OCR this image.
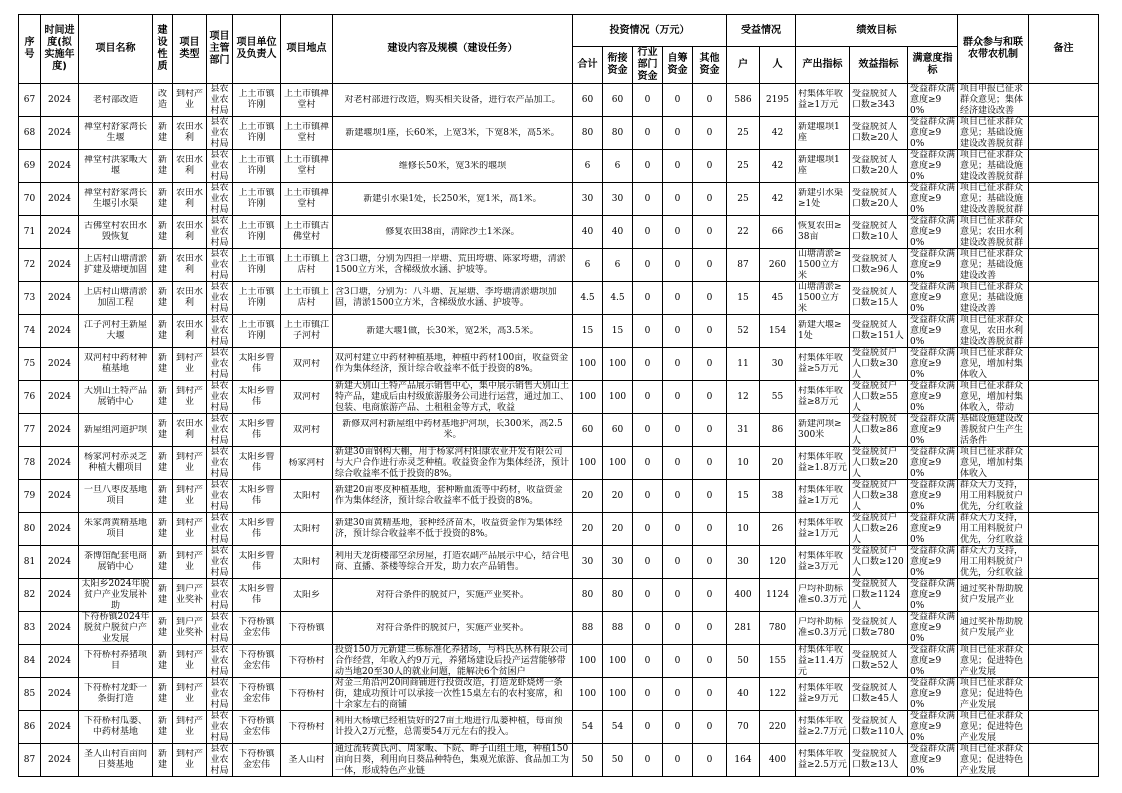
序号	时间进度(拟实施年度)	项目名称	建设性质	项目类型	项目主管部门	项目单位及负责人	项目地点	建设内容及规模（建设任务）	投资情况（万元）					受益情况		绩效目标			群众参与和联农带农机制	备注
									合计	衔接资金	行业部门资金	自筹资金	其他资金	户	人	产出指标	效益指标	满意度指标		

67	2024	老村部改造	改造	到村产业	县农业农村局	上土市镇许刚	上土市镇禅堂村	对老村部进行改造，购买相关设备，进行农产品加工。	60	60	0	0	0	586	2195	村集体年收益≥1万元	受益脱贫人口数≥343	受益群众满意度≥90%	项目申报已征求群众意见；集体经济建设改善	

68	2024	禅堂村舒家湾长生堰	新建	农田水利	县农业农村局	上土市镇许刚	上土市镇禅堂村	新建堰坝1座，长60米，上宽3米，下宽8米，高5米。	80	80	0	0	0	25	42	新建堰坝1座	受益脱贫人口数≥20人	受益群众满意度≥90%	项目已征求群众意见；基础设施建设改善脱贫群	

69	2024	禅堂村洪家畈大堰	新建	农田水利	县农业农村局	上土市镇许刚	上土市镇禅堂村	维修长50米，宽3米的堰坝	6	6	0	0	0	25	42	新建堰坝1座	受益脱贫人口数≥20人	受益群众满意度≥90%	项目已征求群众意见；基础设施建设改善脱贫群	

70	2024	禅堂村舒家湾长生堰引水渠	新建	农田水利	县农业农村局	上土市镇许刚	上土市镇禅堂村	新建引水渠1处，长250米，宽1米，高1米。	30	30	0	0	0	25	42	新建引水渠≥1处	受益脱贫人口数≥20人	受益群众满意度≥90%	项目已征求群众意见；基础设施建设改善脱贫群	

71	2024	古佛堂村农田水毁恢复	新建	农田水利	县农业农村局	上土市镇许刚	上土市镇古佛堂村	修复农田38亩，清除沙土1米深。	40	40	0	0	0	22	66	恢复农田≥38亩	受益脱贫人口数≥10人	受益群众满意度≥90%	项目已征求群众意见；农田水利建设改善脱贫群	

72	2024	上店村山塘清淤扩建及塘埂加固	新建	农田水利	县农业农村局	上土市镇许刚	上土市镇上店村	含3口塘，分别为四担一岸塘、荒田垮塘、陈家垮塘，清淤1500立方米，含梯级放水涵、护坡等。	6	6	0	0	0	87	260	山塘清淤≥1500立方米	受益脱贫人口数≥96人	受益群众满意度≥90%	项目已征求群众意见；基础设施建设改善	

73	2024	上店村山塘清淤加固工程	新建	农田水利	县农业农村局	上土市镇许刚	上土市镇上店村	含3口塘，分别为：八斗塘、瓦屋塘、李垮塘清淤塘坝加固，清淤1500立方米，含梯级放水涵、护坡等。	4.5	4.5	0	0	0	15	45	山塘清淤≥1500立方米	受益脱贫人口数≥15人	受益群众满意度≥90%	项目已征求群众意见；基础设施建设改善	

74	2024	江子河村王新屋大堰	新建	农田水利	县农业农村局	上土市镇许刚	上土市镇江子河村	新建大堰1做，长30米，宽2米，高3.5米。	15	15	0	0	0	52	154	新建大堰≥1处	受益脱贫人口数≥151人	受益群众满意度≥90%	项目已征求群众意见，农田水利建设改善脱贫群	

75	2024	双河村中药材种植基地	新建	到村产业	县农业农村局	太阳乡曾伟	双河村	双河村建立中药材种植基地，种植中药材100亩，收益资金作为集体经济，预计综合收益率不低于投资的8%。	100	100	0	0	0	11	30	村集体年收益≥5万元	受益脱贫户人口数≥30人	受益群众满意度≥90%	项目已征求群众意见，增加村集体收入	

76	2024	大别山土特产品展销中心	新建	到村产业	县农业农村局	太阳乡曾伟	双河村	新建大别山土特产品展示销售中心，集中展示销售大别山土特产品，建成后由村级旅游服务公司进行运营，通过加工、包装、电商旅游产品、土租租金等方式，收益	100	100	0	0	0	12	55	村集体年收益≥8万元	受益脱贫户人口数≥55人	受益群众满意度≥90%	项目已征求群众意见，增加村集体收入，带动	

77	2024	新屋组河道护坝	新建	农田水利	县农业农村局	太阳乡曾伟	双河村	新修双河村新屋组中药材基地护河坝，长300米，高2.5米。	60	60	0	0	0	31	86	新建河坝≥300米	受益村脱贫人口数≥86人	受益群众满意度≥90%	基础设施建设改善脱贫户生产生活条件	

78	2024	杨家河村赤灵芝种植大棚项目	新建	到村产业	县农业农村局	太阳乡曾伟	杨家河村	新建30亩钢构大棚，用于杨家河村阳康农业开发有限公司与大户合作进行赤灵芝种植。收益资金作为集体经济，预计综合收益率不低于投资的8%。	100	100	0	0	0	10	20	村集体年收益≥1.8万元	受益脱贫户人口数≥20人	受益群众满意度≥90%	项目已征求群众意见，增加村集体收入	

79	2024	一旦八枣皮基地项目	新建	到村产业	县农业农村局	太阳乡曾伟	太阳村	新建20亩枣皮种植基地，套种断血流等中药材，收益资金作为集体经济，预计综合收益率不低于投资的8%。	20	20	0	0	0	15	38	村集体年收益≥1万元	受益脱贫户人口数≥38人	受益群众满意度≥90%	群众大力支持，用工用料脱贫户优先，分红收益	

80	2024	朱家湾黄精基地项目	新建	到村产业	县农业农村局	太阳乡曾伟	太阳村	新建30亩黄精基地，套种经济苗木，收益资金作为集体经济，预计综合收益率不低于投资的8%。	20	20	0	0	0	10	26	村集体年收益≥1万元	受益脱贫户人口数≥26人	受益群众满意度≥90%	群众大力支持，用工用料脱贫户优先，分红收益	

81	2024	茶博馆配套电商展销中心	新建	到村产业	县农业农村局	太阳乡曾伟	太阳村	利用天龙街楼部空余房屋，打造农副产品展示中心，结合电商、直播、茶楼等综合开发，助力农产品销售。	30	30	0	0	0	30	120	村集体年收益≥3万元	受益脱贫户人口数≥120人	受益群众满意度≥90%	群众大力支持，用工用料脱贫户优先，分红收益	

82	2024	太阳乡2024年脱贫户产业发展补助	新建	到户产业奖补	县农业农村局	太阳乡曾伟	太阳乡	对符合条件的脱贫户，实施产业奖补。	80	80	0	0	0	400	1124	户均补助标准≤0.3万元	受益脱贫人口数≥1124人	受益群众满意度≥90%	通过奖补帮助脱贫户发展产业	

83	2024	下符桥镇2024年脱贫户脱贫户产业发展	新建	到户产业奖补	县农业农村局	下符桥镇金宏伟	下符桥镇	对符合条件的脱贫户，实施产业奖补。	88	88	0	0	0	281	780	户均补助标准≤0.3万元	受益脱贫人口数≥780	受益群众满意度≥90%	通过奖补帮助脱贫户发展产业	

84	2024	下符桥村养猪项目	新建	到村产业	县农业农村局	下符桥镇金宏伟	下符桥村	投资150万元新建三栋标准化养猪场，与科氏丛林有限公司合作经营，年收入约9万元，养猪场建设后投产运营能够带动当地20至30人的就业问题，能解决6个贫困户	100	100	0	0	0	50	155	村集体年收益≥11.4万元	受益脱贫人口数≥52人	受益群众满意度≥90%	项目已征求群众意见；促进特色产业发展	

85	2024	下符桥村龙虾一条街打造	新建	到村产业	县农业农村局	下符桥镇金宏伟	下符桥村	对金三角沿河20间商铺进行投资改造，打造龙虾烧烤一条街，建成功预计可以承接一次性15桌左右的农村宴席，和十余家左右的商铺	100	100	0	0	0	40	122	村集体年收益≥9万元	受益脱贫人口数≥45人	受益群众满意度≥90%	项目已征求群众意见；促进特色产业发展	

86	2024	下符桥村瓜蒌、中药材基地	新建	到村产业	县农业农村局	下符桥镇金宏伟	下符桥村	利用大杨墩已经租赁好的27亩土地进行瓜蒌种植，每亩预计投入2万元整，总需要54万元左右的投入。	54	54	0	0	0	70	220	村集体年收益≥2.7万元	受益脱贫人口数≥110人	受益群众满意度≥90%	项目已征求群众意见；促进特色产业发展	

87	2024	圣人山村百亩向日葵基地	新建	到村产业	县农业农村局	下符桥镇金宏伟	圣人山村	通过流转黄氏河、周家畈、下院、畔子山组土地，种植150亩向日葵，利用向日葵品种特色，集观光旅游、食品加工为一体，形成特色产业链	50	50	0	0	0	164	400	村集体年收益≥2.5万元	受益脱贫人口数≥13人	受益群众满意度≥90%	项目已征求群众意见；促进特色产业发展	
